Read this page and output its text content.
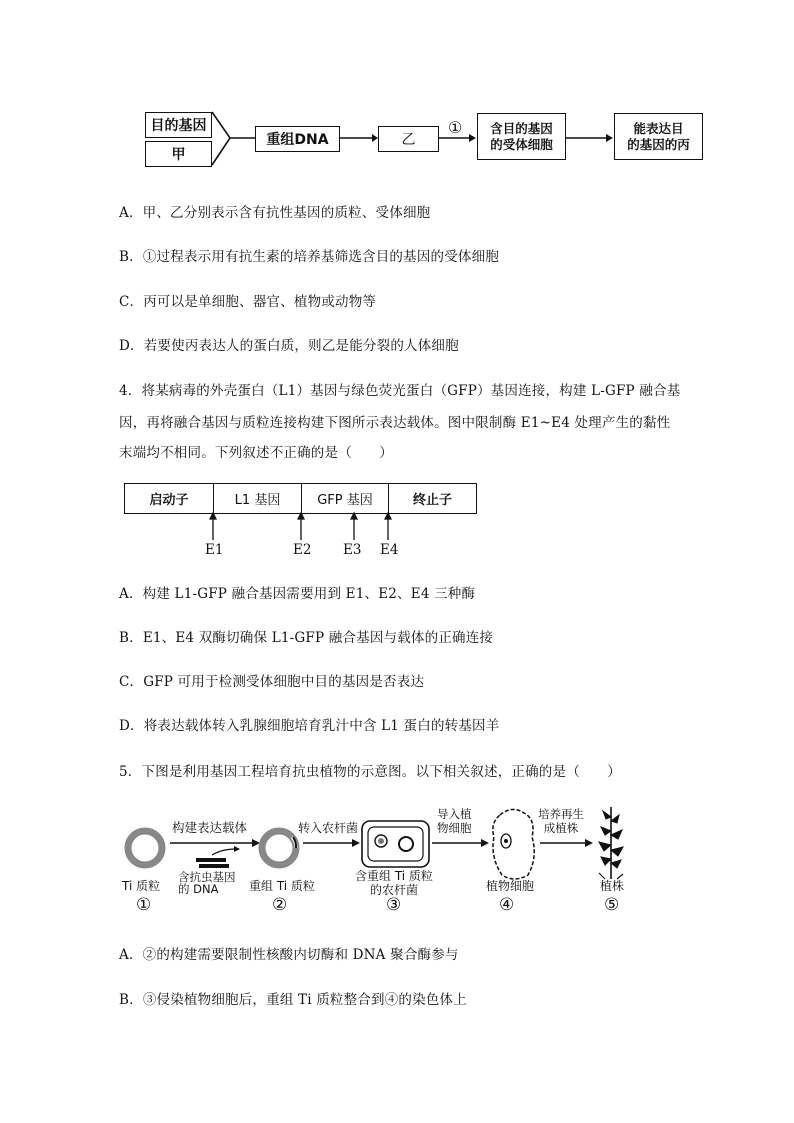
目的基因
甲
重组DNA	乙
① 含目的基因
的受体细胞
能表达目
的基因的丙
A．甲、乙分别表示含有抗性基因的质粒、受体细胞
B．①过程表示用有抗生素的培养基筛选含目的基因的受体细胞
C．丙可以是单细胞、器官、植物或动物等
D．若要使丙表达人的蛋白质，则乙是能分裂的人体细胞
4．将某病毒的外壳蛋白（L1）基因与绿色荧光蛋白（GFP）基因连接，构建 L-GFP 融合基
因，再将融合基因与质粒连接构建下图所示表达载体。图中限制酶 E1~E4 处理产生的黏性
末端均不相同。下列叙述不正确的是（　　）
启动子	L1 基因	GFP 基因	终止子
E1	E2 E3 E4
A．构建 L1-GFP 融合基因需要用到 E1、E2、E4 三种酶
B．E1、E4 双酶切确保 L1-GFP 融合基因与载体的正确连接
C．GFP 可用于检测受体细胞中目的基因是否表达
D．将表达载体转入乳腺细胞培育乳汁中含 L1 蛋白的转基因羊
5．下图是利用基因工程培育抗虫植物的示意图。以下相关叙述，正确的是（　　）
构建表达载体	转入农杆菌
导入植
物细胞
培养再生
成植株
含抗虫基因
的 DNA
Ti 质粒	重组 Ti 质粒
含重组 Ti 质粒
的农杆菌	植物细胞	植株
①	②	③	④	⑤
A．②的构建需要限制性核酸内切酶和 DNA 聚合酶参与
B．③侵染植物细胞后，重组 Ti 质粒整合到④的染色体上
